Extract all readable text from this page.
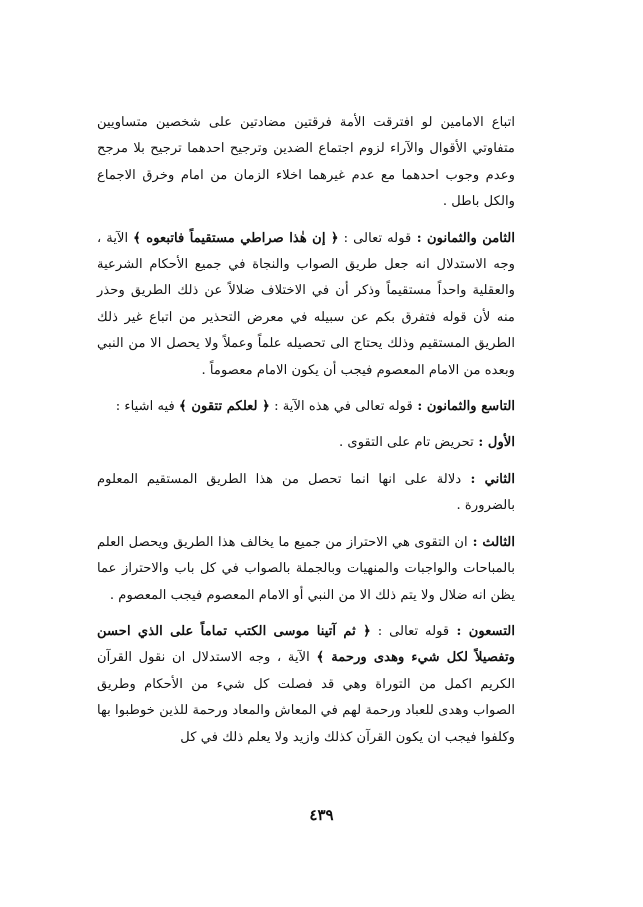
اتباع الامامين لو افترقت الأمة فرقتين مضادتين على شخصين متساويين متفاوتي الأقوال والآراء لزوم اجتماع الضدين وترجيح احدهما ترجيح بلا مرجح وعدم وجوب احدهما مع عدم غيرهما اخلاء الزمان من امام وخرق الاجماع والكل باطل .

الثامن والثمانون : قوله تعالى : ﴿ إن هٰذا صراطي مستقيماً فاتبعوه ﴾ الآية ، وجه الاستدلال انه جعل طريق الصواب والنجاة في جميع الأحكام الشرعية والعقلية واحداً مستقيماً وذكر أن في الاختلاف ضلالاً عن ذلك الطريق وحذر منه لأن قوله فتفرق بكم عن سبيله في معرض التحذير من اتباع غير ذلك الطريق المستقيم وذلك يحتاج الى تحصيله علماً وعملاً ولا يحصل الا من النبي وبعده من الامام المعصوم فيجب أن يكون الامام معصوماً .

التاسع والثمانون : قوله تعالى في هذه الآية : ﴿ لعلكم تتقون ﴾ فيه اشياء :

الأول : تحريض تام على التقوى .

الثاني : دلالة على انها انما تحصل من هذا الطريق المستقيم المعلوم بالضرورة .

الثالث : ان التقوى هي الاحتراز من جميع ما يخالف هذا الطريق ويحصل العلم بالمباحات والواجبات والمنهيات وبالجملة بالصواب في كل باب والاحتراز عما يظن انه ضلال ولا يتم ذلك الا من النبي أو الامام المعصوم فيجب المعصوم .

التسعون : قوله تعالى : ﴿ ثم آتينا موسى الكتب تماماً على الذي احسن وتفصيلاً لكل شيء وهدى ورحمة ﴾ الآية ، وجه الاستدلال ان نقول القرآن الكريم اكمل من التوراة وهي قد فصلت كل شيء من الأحكام وطريق الصواب وهدى للعباد ورحمة لهم في المعاش والمعاد ورحمة للذين خوطبوا بها وكلفوا فيجب ان يكون القرآن كذلك وازيد ولا يعلم ذلك في كل

٤٣٩
